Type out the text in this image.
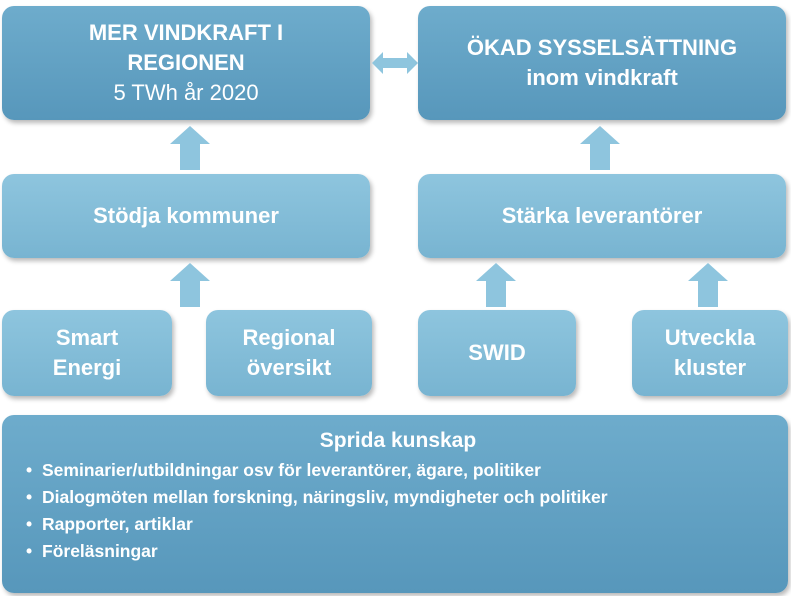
MER VINDKRAFT I
REGIONEN
5 TWh år 2020
ÖKAD SYSSELSÄTTNING
inom vindkraft
Stödja kommuner	Stärka leverantörer
Smart
Energi
Regional
översikt
SWID
Utveckla
kluster
Sprida kunskap
• Seminarier/utbildningar osv för leverantörer, ägare, politiker
• Dialogmöten mellan forskning, näringsliv, myndigheter och politiker
• Rapporter, artiklar
• Föreläsningar
